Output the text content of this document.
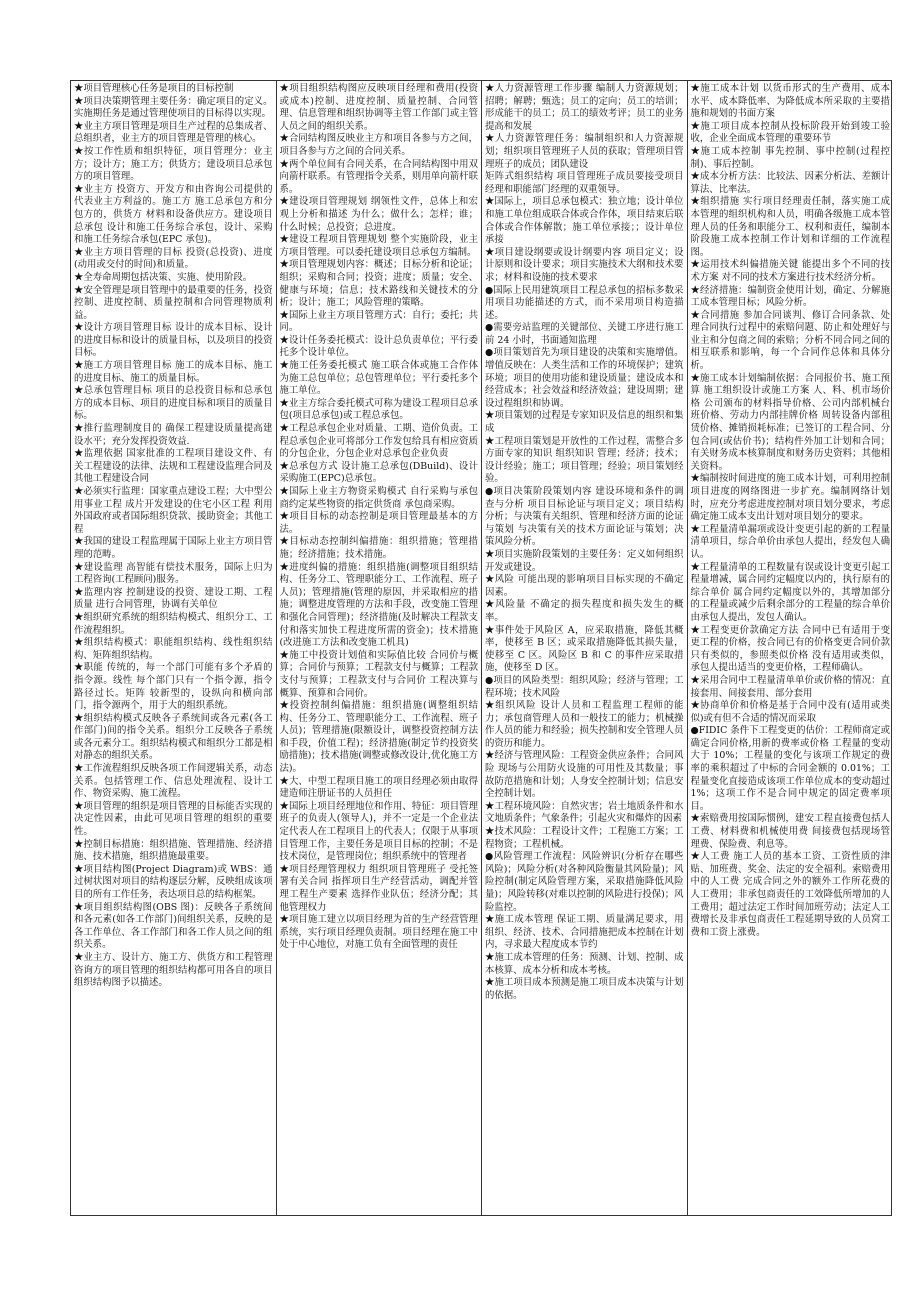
★项目管理核心任务是项目的目标控制

★项目决策期管理主要任务：确定项目的定义。实施期任务是通过管理使项目的目标得以实现。

★业主方项目管理是项目生产过程的总集成者、总组织者，业主方的项目管理是管理的核心。

★按工作性质和组织特征，项目管理分：业主方；设计方；施工方；供货方；建设项目总承包方的项目管理。

★业主方 投资方、开发方和由咨询公司提供的代表业主方利益的。施工方 施工总承包方和分包方的，供货方 材料和设备供应方。建设项目总承包 设计和施工任务综合承包，设计、采购和施工任务综合承包(EPC 承包)。

★业主方项目管理的目标 投资(总投资)、进度(动用或交付的时间)和质量。

★全寿命周期包括决策、实施、使用阶段。

★安全管理是项目管理中的最重要的任务，投资控制、进度控制、质量控制和合同管理物质利益。

★设计方项目管理目标 设计的成本目标、设计的进度目标和设计的质量目标，以及项目的投资目标。

★施工方项目管理目标 施工的成本目标、施工的进度目标、施工的质量目标。

★总承包管理目标 项目的总投资目标和总承包方的成本目标、项目的进度目标和项目的质量目标。

★推行监理制度目的 确保工程建设质量提高建设水平；充分发挥投资效益.

★监理依据 国家批准的工程项目建设文件、有关工程建设的法律、法规和工程建设监理合同及其他工程建设合同

★必须实行监理：国家重点建设工程；大中型公用事业工程 成片开发建设的住宅小区工程 利用外国政府或者国际组织贷款、援助资金；其他工程

★我国的建设工程监理属于国际上业主方项目管理的范畴。

★建设监理 高智能有偿技术服务，国际上归为工程咨询(工程顾问)服务。

★监理内容 控制建设的投资、建设工期、工程质量 进行合同管理，协调有关单位

★组织研究系统的组织结构模式、组织分工、工作流程组织。

★组织结构模式：职能组织结构、线性组织结构、矩阵组织结构。

★职能 传统的，每一个部门可能有多个矛盾的指令源。线性 每个部门只有一个指令源，指令路径过长。矩阵 较新型的，设纵向和横向部门，指令源两个，用于大的组织系统。

★组织结构模式反映各子系统间或各元素(各工作部门)间的指令关系。组织分工反映各子系统或各元素分工。组织结构模式和组织分工都是相对静态的组织关系。

★工作流程组织反映各项工作间逻辑关系，动态关系。包括管理工作、信息处理流程、设计工作、物资采购、施工流程。

★项目管理的组织是项目管理的目标能否实现的决定性因素，由此可见项目管理的组织的重要性。

★控制目标措施：组织措施、管理措施、经济措施、技术措施，组织措施最重要。

★项目结构图(Project Diagram)或 WBS：通过树状图对项目的结构逐层分解，反映组成该项目的所有工作任务，表达项目总的结构框架。

★项目组织结构图(OBS 图)：反映各子系统间和各元素(如各工作部门)间组织关系，反映的是各工作单位、各工作部门和各工作人员之间的组织关系。

★业主方、设计方、施工方、供货方和工程管理咨询方的项目管理的组织结构都可用各自的项目组织结构图予以描述。

★项目组织结构图应反映项目经理和费用(投资或成本)控制、进度控制、质量控制、合同管理、信息管理和组织协调等主管工作部门或主管人员之间的组织关系。

★合同结构图反映业主方和项目各参与方之间，项目各参与方之间的合同关系。

★两个单位间有合同关系，在合同结构图中用双向箭杆联系。有管理指令关系，则用单向箭杆联系。

★建设项目管理规划 纲领性文件，总体上和宏观上分析和描述 为什么；做什么；怎样；谁；什么时候；总投资；总进度。

★建设工程项目管理规划 整个实施阶段，业主方项目管理。可以委托建设项目总承包方编制。

★项目管理规划内容：概述；目标分析和论证；组织；采购和合同；投资；进度；质量；安全、健康与环境；信息；技术路线和关键技术的分析；设计；施工；风险管理的策略。

★国际上业主方项目管理方式：自行；委托；共同。

★设计任务委托模式：设计总负责单位；平行委托多个设计单位。

★施工任务委托模式 施工联合体或施工合作体为施工总包单位；总包管理单位；平行委托多个施工单位。

★业主方综合委托模式可称为建设工程项目总承包(项目总承包)或工程总承包。

★工程总承包企业对质量、工期、造价负责。工程总承包企业可将部分工作发包给具有相应资质的分包企业，分包企业对总承包企业负责

★总承包方式 设计施工总承包(DBuild)、设计采购施工(EPC)总承包。

★国际上业主方物资采购模式 自行采购与承包商约定某些物资的指定供货商 承包商采购。

★项目目标的动态控制是项目管理最基本的方法。

★目标动态控制纠偏措施：组织措施；管理措施；经济措施；技术措施。

★进度纠偏的措施：组织措施(调整项目组织结构、任务分工、管理职能分工、工作流程、班子人员)；管理措施(管理的原因，并采取相应的措施；调整进度管理的方法和手段，改变施工管理和强化合同管理)；经济措施(及时解决工程款支付和落实加快工程进度所需的资金)；技术措施(改进施工方法和改变施工机具)

★施工中投资计划值和实际值比较 合同价与概算；合同价与预算；工程款支付与概算；工程款支付与预算；工程款支付与合同价 工程决算与概算、预算和合同价。

★投资控制纠偏措施：组织措施(调整组织结构、任务分工、管理职能分工、工作流程、班子人员)；管理措施(限额设计，调整投资控制方法和手段，价值工程)；经济措施(制定节约投资奖励措施)；技术措施(调整或修改设计,优化施工方法)。

★大、中型工程项目施工的项目经理必须由取得建造师注册证书的人员担任

★国际上项目经理地位和作用、特征：项目管理班子的负责人(领导人)，并不一定是一个企业法定代表人在工程项目上的代表人；仅限于从事项目管理工作，主要任务是项目目标的控制；不是技术岗位，是管理岗位；组织系统中的管理者

★项目经理管理权力 组织项目管理班子 受托签署有关合同 指挥项目生产经营活动，调配并管理工程生产要素 选择作业队伍；经济分配；其他管理权力

★项目施工建立以项目经理为首的生产经营管理系统，实行项目经理负责制。项目经理在施工中处于中心地位，对施工负有全面管理的责任

★人力资源管理工作步骤 编制人力资源规划；招聘；解聘；甄选；员工的定向；员工的培训；形成能干的员工；员工的绩效考评；员工的业务提高和发展

★人力资源管理任务：编制组织和人力资源规划；组织项目管理班子人员的获取；管理项目管理班子的成员；团队建设

矩阵式组织结构 项目管理班子成员要接受项目经理和职能部门经理的双重领导。

★国际上，项目总承包模式：独立地；设计单位和施工单位组成联合体或合作体，项目结束后联合体或合作体解散；施工单位承接；；设计单位承接

★项目建设纲要或设计纲要内容 项目定义；设计原则和设计要求；项目实施技术大纲和技术要求；材料和设施的技术要求

●国际上民用建筑项目工程总承包的招标多数采用项目功能描述的方式，而不采用项目构造描述。

●需要旁站监理的关键部位、关键工序进行施工前 24 小时，书面通知监理

●项目策划首先为项目建设的决策和实施增值。增值反映在：人类生活和工作的环境保护；建筑环境；项目的使用功能和建设质量；建设成本和经营成本；社会效益和经济效益；建设周期；建设过程组织和协调。

★项目策划的过程是专家知识及信息的组织和集成

★工程项目策划是开放性的工作过程，需整合多方面专家的知识 组织知识 管理；经济；技术；设计经验；施工；项目管理；经验；项目策划经验。

●项目决策阶段策划内容 建设环境和条件的调查与分析 项目目标论证与项目定义；项目结构分析；与决策有关组织、管理和经济方面的论证与策划 与决策有关的技术方面论证与策划；决策风险分析。

★项目实施阶段策划的主要任务：定义如何组织开发或建设。

★风险 可能出现的影响项目目标实现的不确定因素。

★风险量 不确定的损失程度和损失发生的概率。

★事件处于风险区 A，应采取措施，降低其概率，使移至 B 区；或采取措施降低其损失量，使移至 C 区。风险区 B 和 C 的事件应采取措施，使移至 D 区。

●项目的风险类型：组织风险；经济与管理；工程环境；技术风险

★组织风险 设计人员和工程监理工程师的能力；承包商管理人员和一般技工的能力；机械操作人员的能力和经验；损失控制和安全管理人员的资历和能力。

★经济与管理风险：工程资金供应条件；合同风险 现场与公用防火设施的可用性及其数量；事故防范措施和计划；人身安全控制计划；信息安全控制计划。

★工程环境风险：自然灾害；岩土地质条件和水文地质条件；气象条件；引起火灾和爆炸的因素

★技术风险：工程设计文件；工程施工方案；工程物资；工程机械。

●风险管理工作流程：风险辨识(分析存在哪些风险)；风险分析(对各种风险衡量其风险量)；风险控制(制定风险管理方案，采取措施降低风险量)；风险转移(对难以控制的风险进行投保)；风险监控。

★施工成本管理 保证工期、质量满足要求，用组织、经济、技术、合同措施把成本控制在计划内，寻求最大程度成本节约

★施工成本管理的任务：预测、计划、控制、成本核算、成本分析和成本考核。

★施工项目成本预测是施工项目成本决策与计划的依据。

★施工成本计划 以货币形式的生产费用、成本水平、成本降低率、为降低成本所采取的主要措施和规划的书面方案

★施工项目成本控制从投标阶段开始到竣工验收，企业全面成本管理的重要环节

★施工成本控制 事先控制、事中控制(过程控制)、事后控制。

★成本分析方法：比较法、因素分析法、差额计算法、比率法。

★组织措施 实行项目经理责任制，落实施工成本管理的组织机构和人员，明确各级施工成本管理人员的任务和职能分工、权利和责任，编制本阶段施工成本控制工作计划和详细的工作流程图。

★运用技术纠偏措施关键 能提出多个不同的技术方案 对不同的技术方案进行技术经济分析。

★经济措施：编制资金使用计划，确定、分解施工成本管理目标；风险分析。

★合同措施 参加合同谈判、修订合同条款、处理合同执行过程中的索赔问题、防止和处理好与业主和分包商之间的索赔；分析不同合同之间的相互联系和影响，每一个合同作总体和具体分析。

★施工成本计划编制依据：合同报价书、施工预算 施工组织设计或施工方案 人、料、机市场价格 公司颁布的材料指导价格、公司内部机械台班价格、劳动力内部挂牌价格 周转设备内部租赁价格、摊销损耗标准；已签订的工程合同、分包合同(或估价书)；结构件外加工计划和合同；有关财务成本核算制度和财务历史资料；其他相关资料。

★编制按时间进度的施工成本计划，可利用控制项目进度的网络图进一步扩充。编制网络计划时，应充分考虑进度控制对项目划分要求，考虑确定施工成本支出计划对项目划分的要求。

★工程量清单漏项或设计变更引起的新的工程量清单项目，综合单价由承包人提出，经发包人确认。

★工程量清单的工程数量有误或设计变更引起工程量增减，属合同约定幅度以内的，执行原有的综合单价 属合同约定幅度以外的，其增加部分的工程量或减少后剩余部分的工程量的综合单价由承包人提出，发包人确认。

★工程变更价款确定方法 合同中已有适用于变更工程的价格，按合同已有的价格变更合同价款 只有类似的，参照类似价格 没有适用或类似，承包人提出适当的变更价格，工程师确认。

★采用合同中工程量清单单价或价格的情况：直接套用、间接套用、部分套用

★协商单价和价格是基于合同中没有(适用或类似)或有但不合适的情况而采取

●FIDIC 条件下工程变更的估价：工程师商定或确定合同价格,用新的费率或价格 工程量的变动大于 10%；工程量的变化与该项工作规定的费率的乘积超过了中标的合同金额的 0.01%；工程量变化直接造成该项工作单位成本的变动超过 1%；这项工作不是合同中规定的固定费率项目。

★索赔费用按国际惯例，建安工程直接费包括人工费、材料费和机械使用费 间接费包括现场管理费、保险费、利息等。

★人工费 施工人员的基本工资、工资性质的津贴、加班费、奖金、法定的安全福利。索赔费用中的人工费 完成合同之外的额外工作所花费的人工费用；非承包商责任的工效降低所增加的人工费用；超过法定工作时间加班劳动；法定人工费增长及非承包商责任工程延期导致的人员窝工费和工资上涨费。
